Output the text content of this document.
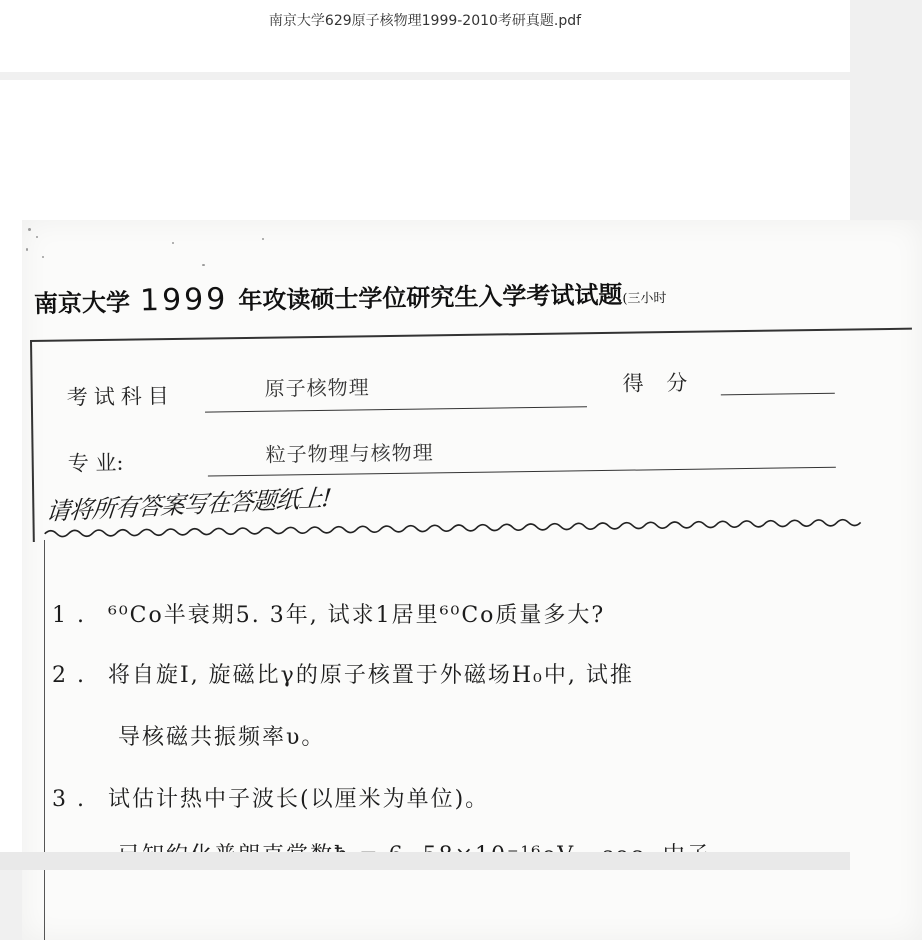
南京大学629原子核物理1999-2010考研真题.pdf
南京大学 1999 年攻读硕士学位研究生入学考试试题(三小时
考试科目	原子核物理	得 分
专 业:	粒子物理与核物理
请将所有答案写在答题纸上!
1 . ⁶⁰Co半衰期5. 3年, 试求1居里⁶⁰Co质量多大?
2 . 将自旋I, 旋磁比γ的原子核置于外磁场H₀中, 试推
导核磁共振频率υ。
3 . 试估计热中子波长(以厘米为单位)。
